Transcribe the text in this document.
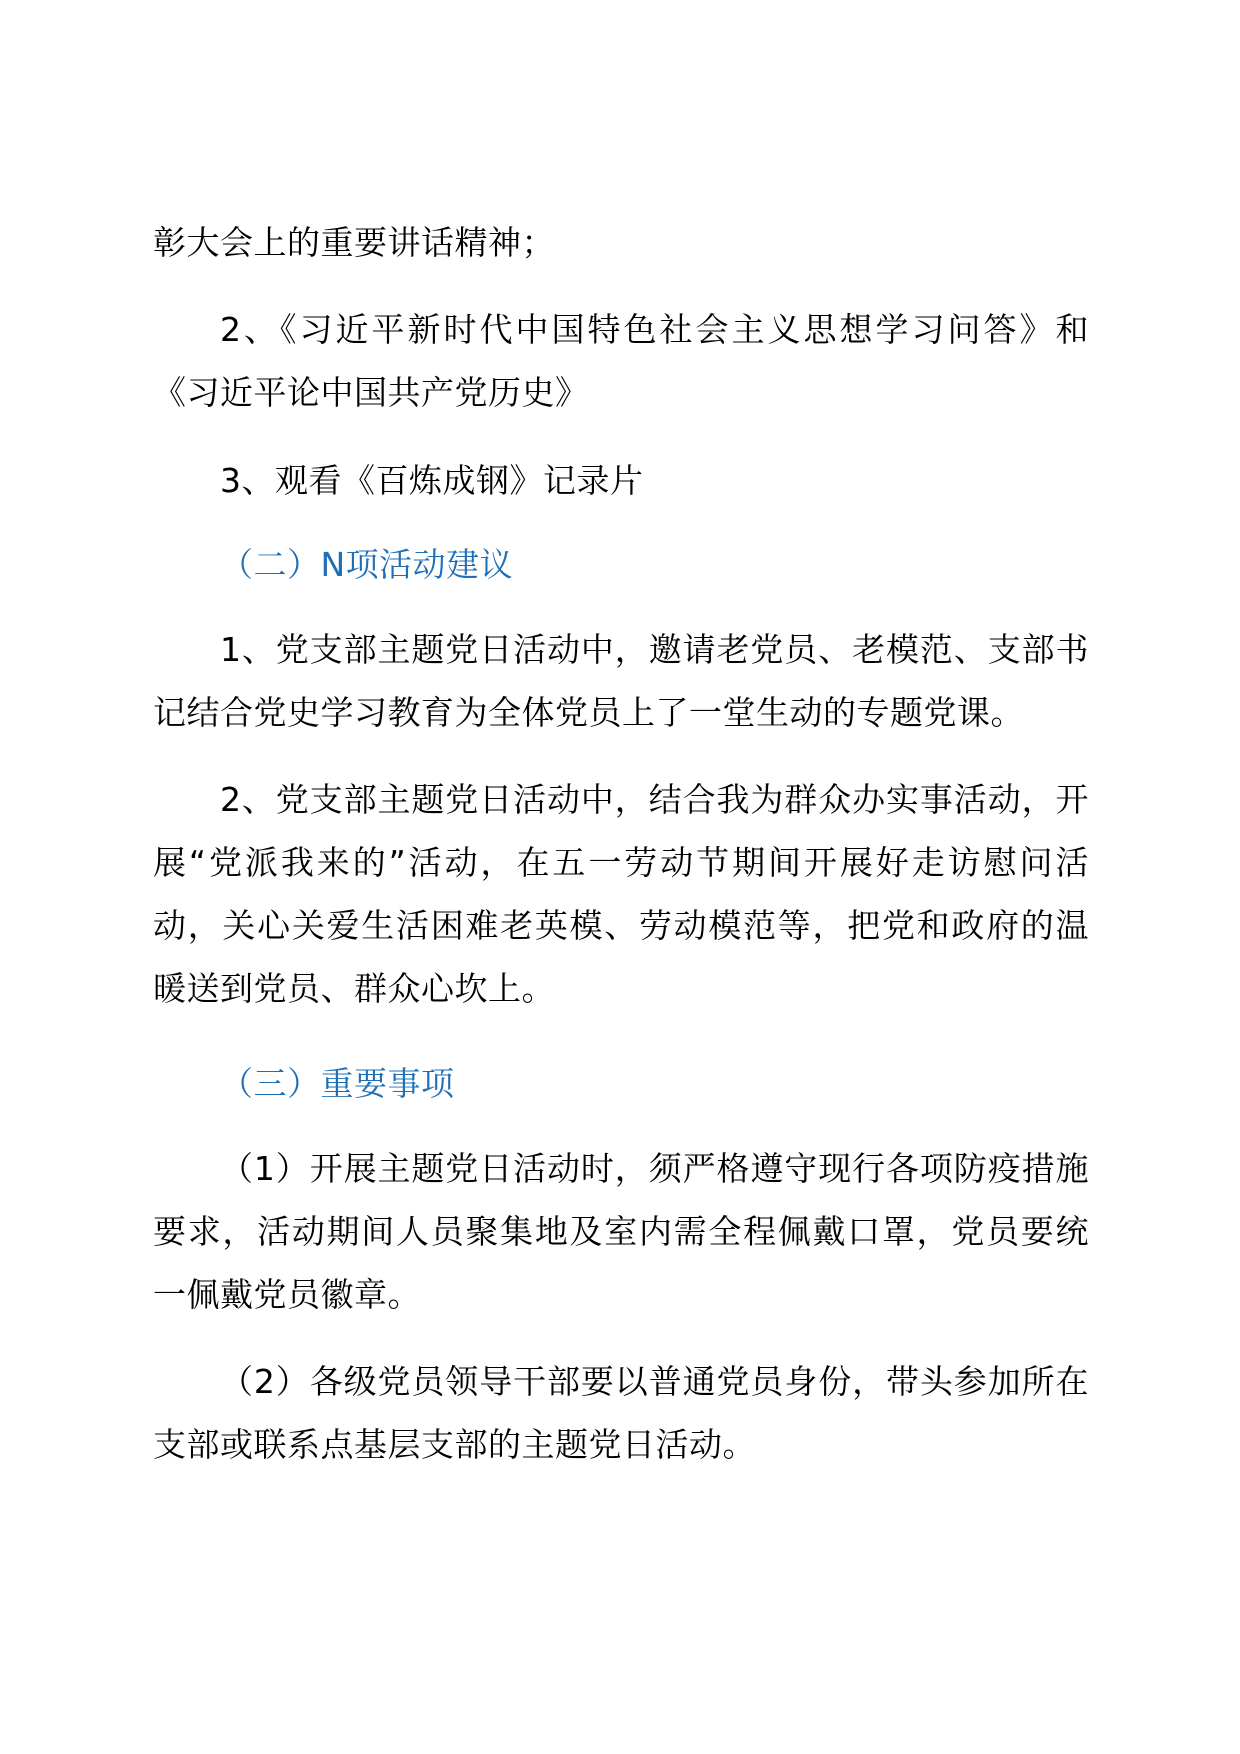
彰大会上的重要讲话精神；

2、《习近平新时代中国特色社会主义思想学习问答》和《习近平论中国共产党历史》

3、观看《百炼成钢》记录片

（二）N项活动建议

1、党支部主题党日活动中，邀请老党员、老模范、支部书记结合党史学习教育为全体党员上了一堂生动的专题党课。

2、党支部主题党日活动中，结合我为群众办实事活动，开展“党派我来的”活动，在五一劳动节期间开展好走访慰问活动，关心关爱生活困难老英模、劳动模范等，把党和政府的温暖送到党员、群众心坎上。

（三）重要事项

（1）开展主题党日活动时，须严格遵守现行各项防疫措施要求，活动期间人员聚集地及室内需全程佩戴口罩，党员要统一佩戴党员徽章。

（2）各级党员领导干部要以普通党员身份，带头参加所在支部或联系点基层支部的主题党日活动。
